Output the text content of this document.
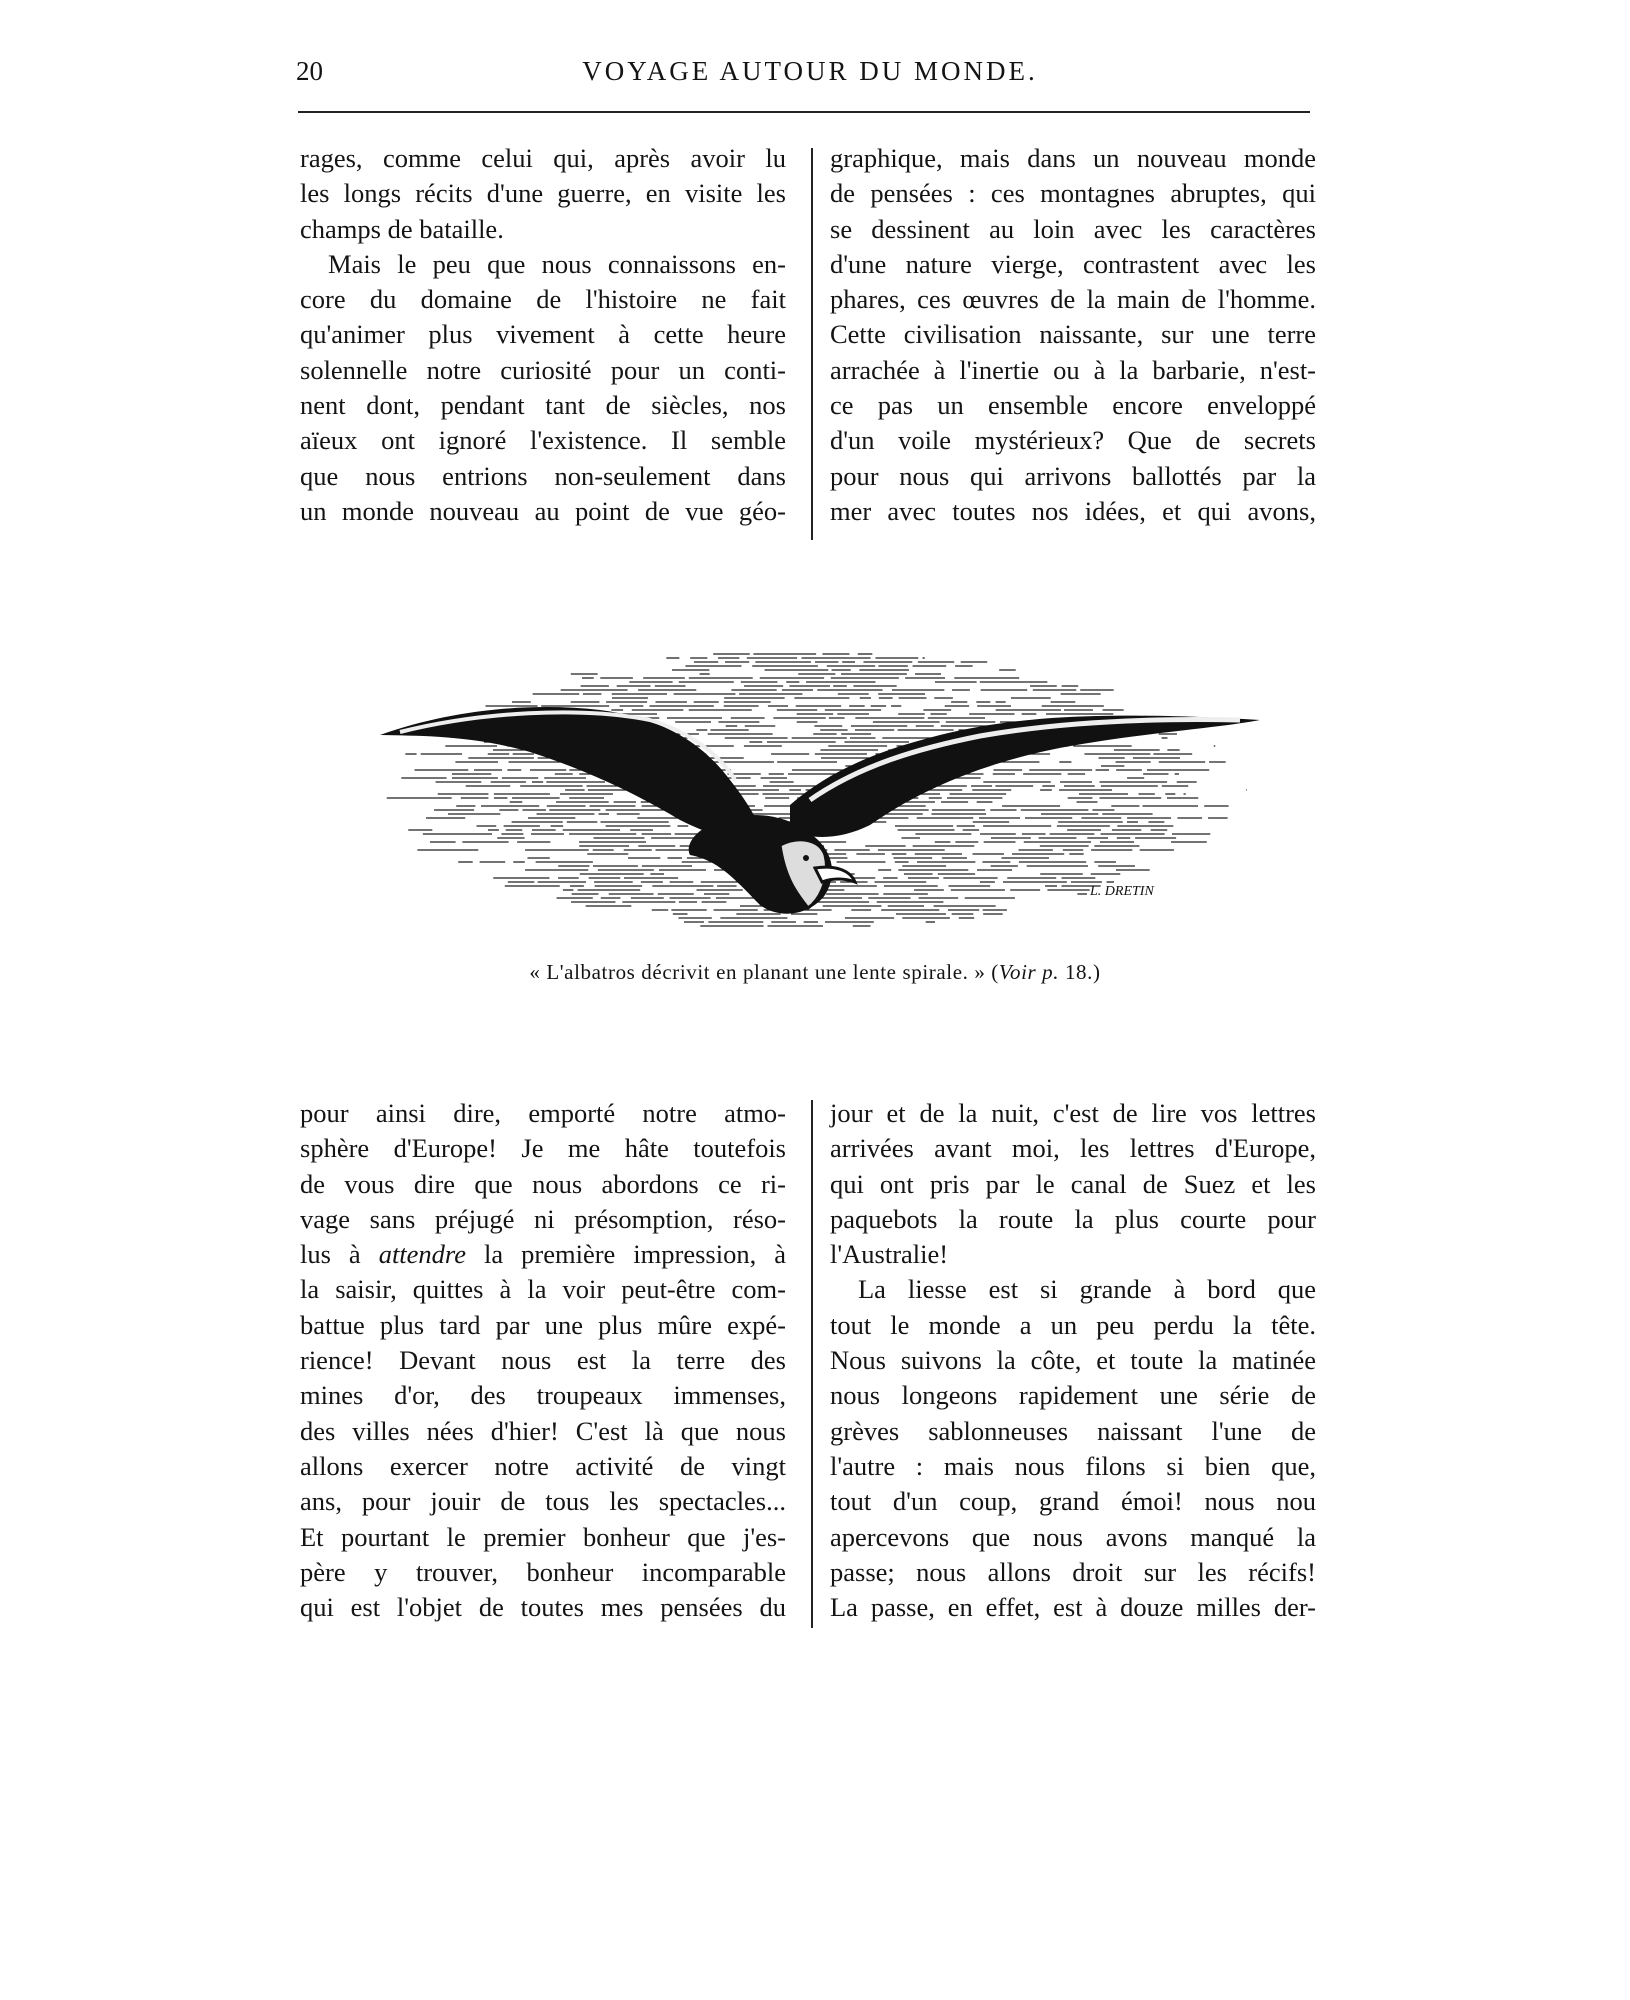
20	VOYAGE AUTOUR DU MONDE.
rages, comme celui qui, après avoir lu
les longs récits d'une guerre, en visite les
champs de bataille.
Mais le peu que nous connaissons en-
core du domaine de l'histoire ne fait
qu'animer plus vivement à cette heure
solennelle notre curiosité pour un conti-
nent dont, pendant tant de siècles, nos
aïeux ont ignoré l'existence. Il semble
que nous entrions non-seulement dans
un monde nouveau au point de vue géo-
graphique, mais dans un nouveau monde
de pensées : ces montagnes abruptes, qui
se dessinent au loin avec les caractères
d'une nature vierge, contrastent avec les
phares, ces œuvres de la main de l'homme.
Cette civilisation naissante, sur une terre
arrachée à l'inertie ou à la barbarie, n'est-
ce pas un ensemble encore enveloppé
d'un voile mystérieux? Que de secrets
pour nous qui arrivons ballottés par la
mer avec toutes nos idées, et qui avons,
L. DRETIN
« L'albatros décrivit en planant une lente spirale. » (Voir p. 18.)
pour ainsi dire, emporté notre atmo-
sphère d'Europe! Je me hâte toutefois
de vous dire que nous abordons ce ri-
vage sans préjugé ni présomption, réso-
lus à attendre la première impression, à
la saisir, quittes à la voir peut-être com-
battue plus tard par une plus mûre expé-
rience! Devant nous est la terre des
mines d'or, des troupeaux immenses,
des villes nées d'hier! C'est là que nous
allons exercer notre activité de vingt
ans, pour jouir de tous les spectacles...
Et pourtant le premier bonheur que j'es-
père y trouver, bonheur incomparable
qui est l'objet de toutes mes pensées du
jour et de la nuit, c'est de lire vos lettres
arrivées avant moi, les lettres d'Europe,
qui ont pris par le canal de Suez et les
paquebots la route la plus courte pour
l'Australie!
La liesse est si grande à bord que
tout le monde a un peu perdu la tête.
Nous suivons la côte, et toute la matinée
nous longeons rapidement une série de
grèves sablonneuses naissant l'une de
l'autre : mais nous filons si bien que,
tout d'un coup, grand émoi! nous nou
apercevons que nous avons manqué la
passe; nous allons droit sur les récifs!
La passe, en effet, est à douze milles der-
